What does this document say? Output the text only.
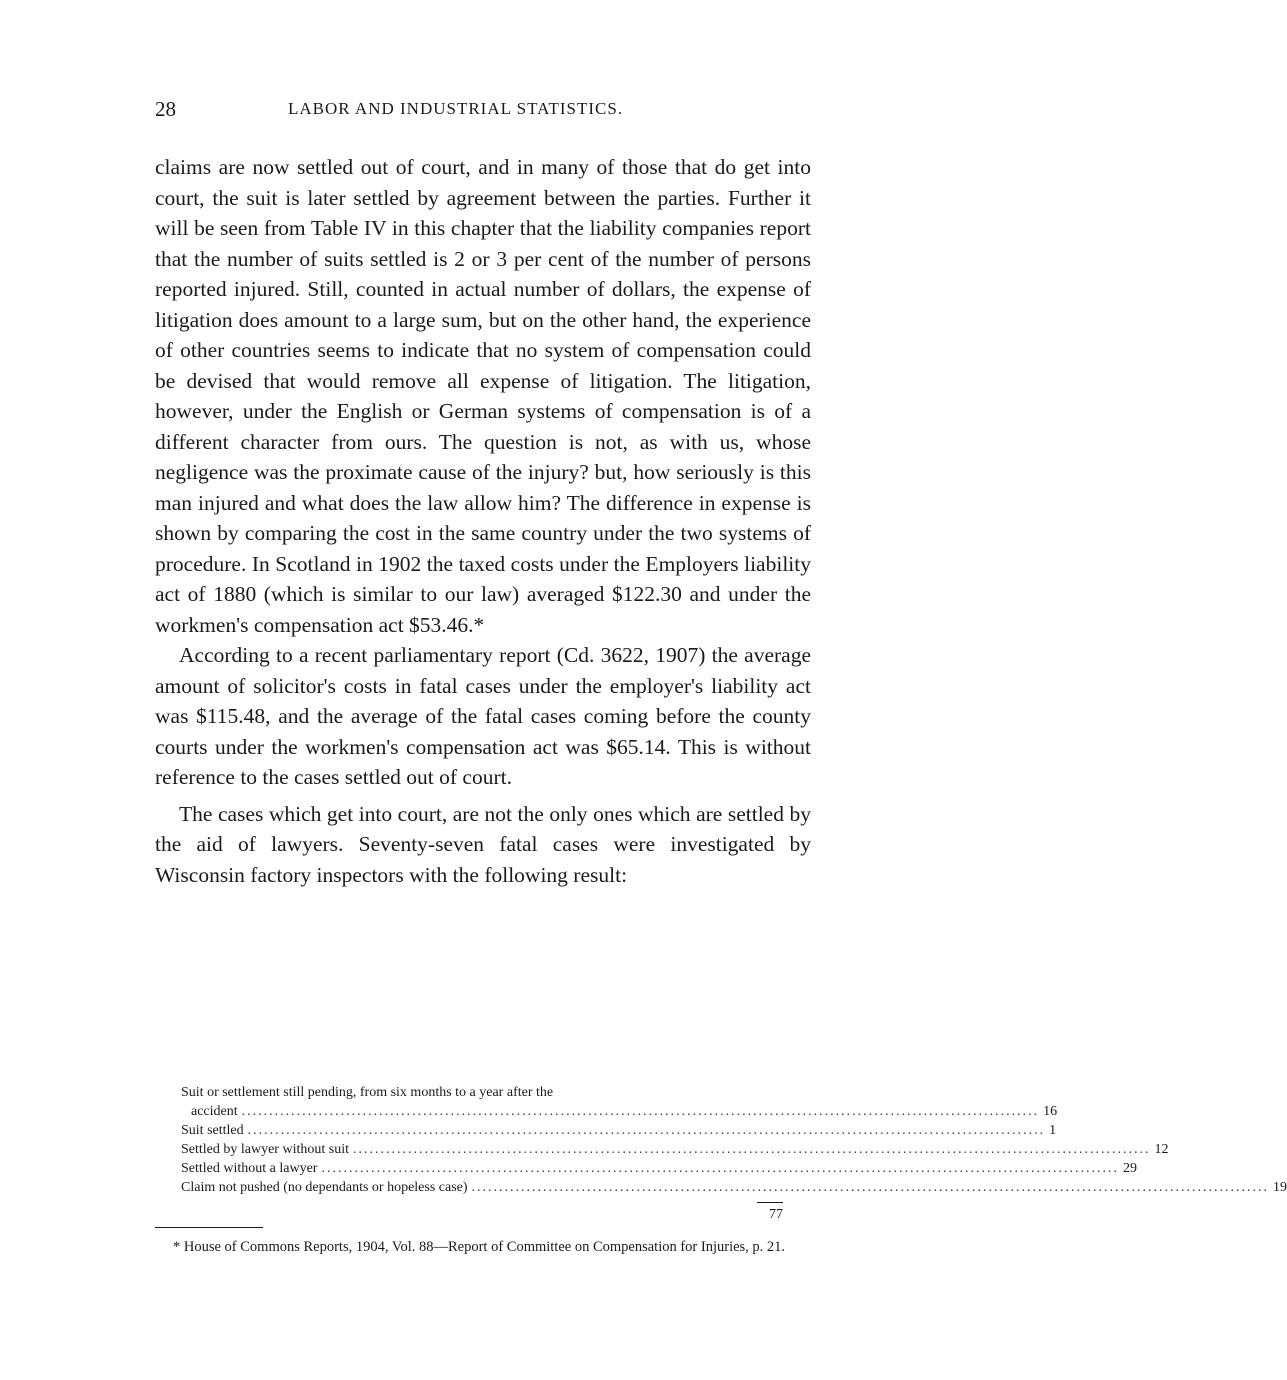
28	LABOR AND INDUSTRIAL STATISTICS.

claims are now settled out of court, and in many of those that do get into court, the suit is later settled by agreement between the parties. Further it will be seen from Table IV in this chapter that the liability companies report that the number of suits settled is 2 or 3 per cent of the number of persons reported injured. Still, counted in actual number of dollars, the expense of litigation does amount to a large sum, but on the other hand, the experience of other countries seems to indicate that no system of compensation could be devised that would remove all expense of litigation. The litigation, however, under the English or German systems of compensation is of a different character from ours. The question is not, as with us, whose negligence was the proximate cause of the injury? but, how seriously is this man injured and what does the law allow him? The difference in expense is shown by comparing the cost in the same country under the two systems of procedure. In Scotland in 1902 the taxed costs under the Employers liability act of 1880 (which is similar to our law) averaged $122.30 and under the workmen's compensation act $53.46.*

According to a recent parliamentary report (Cd. 3622, 1907) the average amount of solicitor's costs in fatal cases under the employer's liability act was $115.48, and the average of the fatal cases coming before the county courts under the workmen's compensation act was $65.14. This is without reference to the cases settled out of court.

The cases which get into court, are not the only ones which are settled by the aid of lawyers. Seventy-seven fatal cases were investigated by Wisconsin factory inspectors with the following result:

Suit or settlement still pending, from six months to a year after the
accident ................................................................................................................................................. 16
Suit settled ................................................................................................................................................. 1
Settled by lawyer without suit ................................................................................................................................................. 12
Settled without a lawyer ................................................................................................................................................. 29
Claim not pushed (no dependants or hopeless case) ................................................................................................................................................. 19
77
* House of Commons Reports, 1904, Vol. 88—Report of Committee on Compensation for Injuries, p. 21.
